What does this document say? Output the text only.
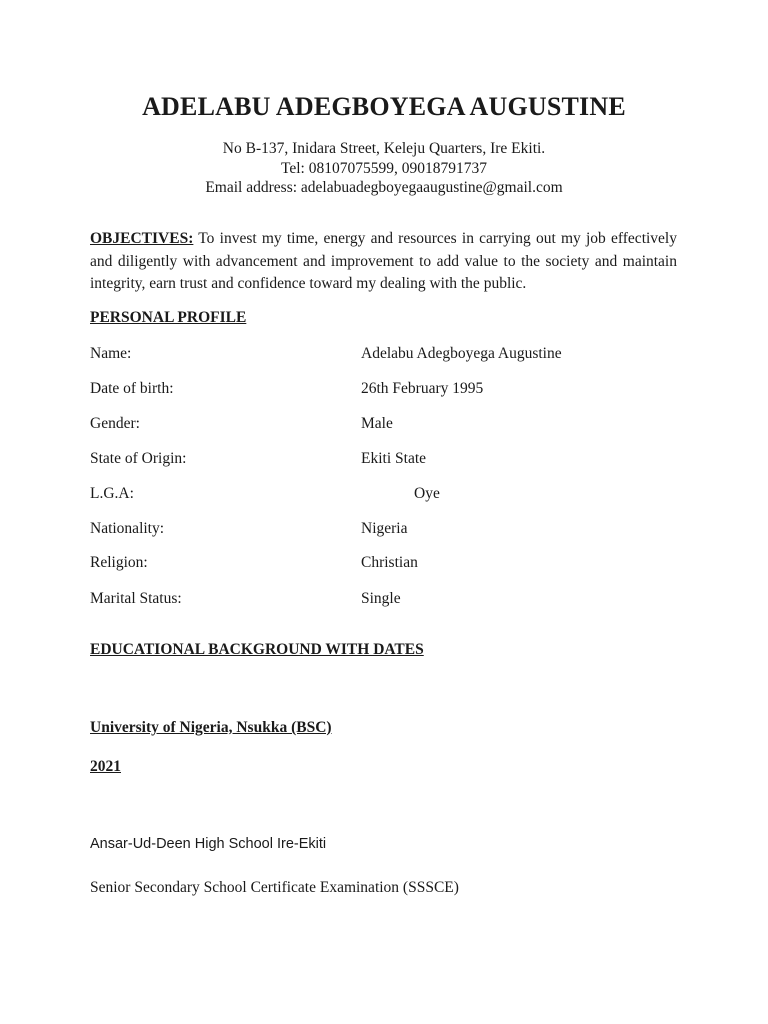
ADELABU ADEGBOYEGA AUGUSTINE
No B-137, Inidara Street, Keleju Quarters, Ire Ekiti.
Tel: 08107075599, 09018791737
Email address: adelabuadegboyegaaugustine@gmail.com
OBJECTIVES: To invest my time, energy and resources in carrying out my job effectively and diligently with advancement and improvement to add value to the society and maintain integrity, earn trust and confidence toward my dealing with the public.
PERSONAL PROFILE
Name:	Adelabu Adegboyega Augustine
Date of birth:	26th February 1995
Gender:	Male
State of Origin:	Ekiti State
L.G.A:	Oye
Nationality:	Nigeria
Religion:	Christian
Marital Status:	Single
EDUCATIONAL BACKGROUND WITH DATES
University of Nigeria, Nsukka (BSC)
2021
Ansar-Ud-Deen High School Ire-Ekiti
Senior Secondary School Certificate Examination (SSSCE)
